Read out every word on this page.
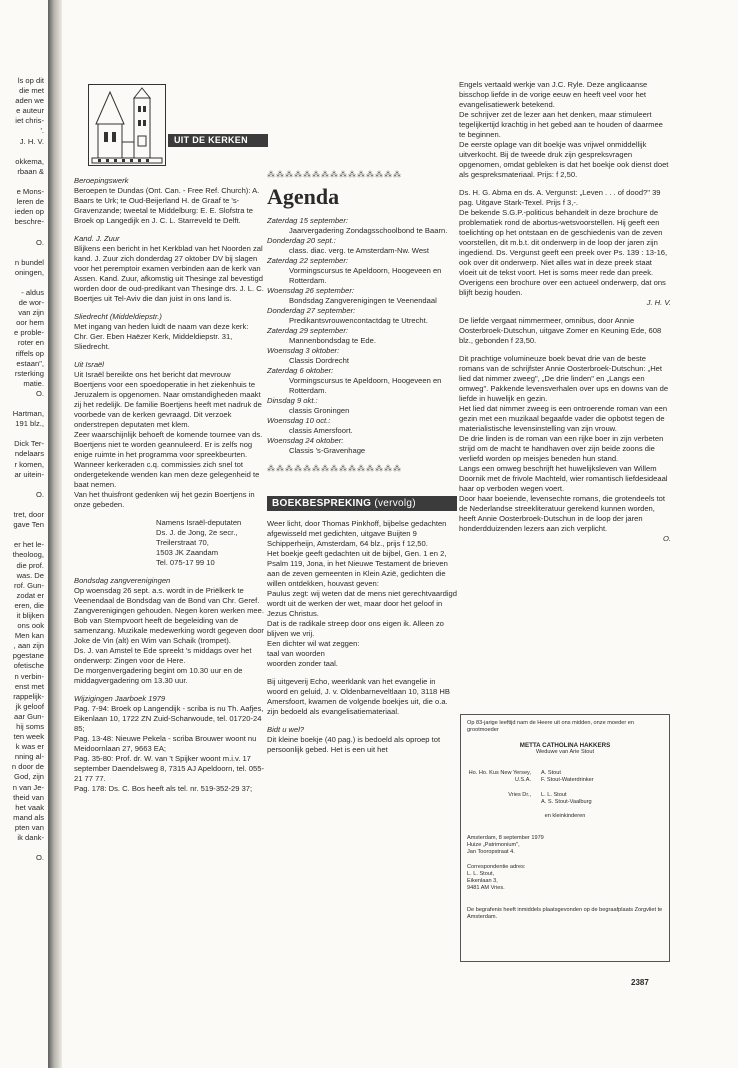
ls op dit
die met
aden we
e auteur
iet chris-
'.
J. H. V.
okkema,
rbaan &
e Mons-
leren de
ieden op
beschre-
O.
n bundel
oningen,
- aldus
de wor-
van zijn
oor hem
e proble-
roter en
riffels op
estaan",
rsterking
matie.
O.
Hartman,
191 blz.,
Dick Ter-
ndelaars
r komen,
ar uitein-
O.
tret, door
gave Ten
er het le-
theoloog,
die prof.
was. De
rof. Gun-
zodat er
eren, die
it blijken
ons ook
Men kan
, aan zijn
pgestane
ofetische
n verbin-
enst met
rappelijk-
jk geloof
aar Gun-
hij soms
ten week
k was er
nning al-
n door de
God, zijn
n van Je-
theid van
het vaak
mand als
pten van
ik dank-
O.
UIT DE KERKEN

Beroepingswerk

Beroepen te Dundas (Ont. Can. - Free Ref. Church): A. Baars te Urk; te Oud-Beijerland H. de Graaf te 's-Gravenzande; tweetal te Middelburg: E. E. Slofstra te Broek op Langedijk en J. C. L. Starreveld te Delft.

Kand. J. Zuur

Blijkens een bericht in het Kerkblad van het Noorden zal kand. J. Zuur zich donderdag 27 oktober DV bij slagen voor het peremptoir examen verbinden aan de kerk van Assen. Kand. Zuur, afkomstig uit Thesinge zal bevestigd worden door de oud-predikant van Thesinge drs. J. L. C. Boertjes uit Tel-Aviv die dan juist in ons land is.

Sliedrecht (Middeldiepstr.)

Met ingang van heden luidt de naam van deze kerk: Chr. Ger. Eben Haëzer Kerk, Middeldiepstr. 31, Sliedrecht.

Uit Israël

Uit Israël bereikte ons het bericht dat mevrouw Boertjens voor een spoedoperatie in het ziekenhuis te Jeruzalem is opgenomen. Naar omstandigheden maakt zij het redelijk. De familie Boertjens heeft met nadruk de voorbede van de kerken gevraagd. Dit verzoek onderstrepen deputaten met klem.

Zeer waarschijnlijk behoeft de komende tournee van ds. Boertjens niet te worden geannuleerd. Er is zelfs nog enige ruimte in het programma voor spreekbeurten. Wanneer kerkeraden c.q. commissies zich snel tot ondergetekende wenden kan men deze gelegenheid te baat nemen.

Van het thuisfront gedenken wij het gezin Boertjens in onze gebeden.

Namens Israël-deputaten

Ds. J. de Jong, 2e secr.,

Treilerstraat 70,

1503 JK Zaandam

Tel. 075-17 99 10

Bondsdag zangverenigingen

Op woensdag 26 sept. a.s. wordt in de Priëlkerk te Veenendaal de Bondsdag van de Bond van Chr. Geref. Zangverenigingen gehouden. Negen koren werken mee.

Bob van Stempvoort heeft de begeleiding van de samenzang. Muzikale medewerking wordt gegeven door Joke de Vin (alt) en Wim van Schaik (trompet).

Ds. J. van Amstel te Ede spreekt 's middags over het onderwerp: Zingen voor de Here.

De morgenvergadering begint om 10.30 uur en de middagvergadering om 13.30 uur.

Wijzigingen Jaarboek 1979

Pag. 7-94: Broek op Langendijk - scriba is nu Th. Aafjes, Eikenlaan 10, 1722 ZN Zuid-Scharwoude, tel. 01720-24 85;

Pag. 13-48: Nieuwe Pekela - scriba Brouwer woont nu Meidoornlaan 27, 9663 EA;

Pag. 35-80: Prof. dr. W. van 't Spijker woont m.i.v. 17 september Daendelsweg 8, 7315 AJ Apeldoorn, tel. 055-21 77 77.

Pag. 178: Ds. C. Bos heeft als tel. nr. 519-352-29 37;

⁂⁂⁂⁂⁂⁂⁂⁂⁂⁂⁂⁂⁂⁂⁂
Agenda
Zaterdag 15 september:
Jaarvergadering Zondagsschoolbond te Baarn.
Donderdag 20 sept.:
class. diac. verg. te Amsterdam-Nw. West
Zaterdag 22 september:
Vormingscursus te Apeldoorn, Hoogeveen en Rotterdam.
Woensdag 26 september:
Bondsdag Zangverenigingen te Veenendaal
Donderdag 27 september:
Predikantsvrouwencontactdag te Utrecht.
Zaterdag 29 september:
Mannenbondsdag te Ede.
Woensdag 3 oktober:
Classis Dordrecht
Zaterdag 6 oktober:
Vormingscursus te Apeldoorn, Hoogeveen en Rotterdam.
Dinsdag 9 okt.:
classis Groningen
Woensdag 10 oct.:
classis Amersfoort.
Woensdag 24 oktober:
Classis 's-Gravenhage
⁂⁂⁂⁂⁂⁂⁂⁂⁂⁂⁂⁂⁂⁂⁂
BOEKBESPREKING (vervolg)

Weer licht, door Thomas Pinkhoff, bijbelse gedachten afgewisseld met gedichten, uitgave Buijten 9 Schipperheijn, Amsterdam, 64 blz., prijs f 12,50.

Het boekje geeft gedachten uit de bijbel, Gen. 1 en 2, Psalm 119, Jona, in het Nieuwe Testament de brieven aan de zeven gemeenten in Klein Azië, gedichten die willen ontdekken, houvast geven:

Paulus zegt: wij weten dat de mens niet gerechtvaardigd wordt uit de werken der wet, maar door het geloof in Jezus Christus.

Dat is de radikale streep door ons eigen ik. Alleen zo blijven we vrij.

Een dichter wil wat zeggen:

taal van woorden

woorden zonder taal.

Bij uitgeverij Echo, weerklank van het evangelie in woord en geluid, J. v. Oldenbarneveltlaan 10, 3118 HB Amersfoort, kwamen de volgende boekjes uit, die o.a. zijn bedoeld als evangelisatiemateriaal.

Bidt u wel?

Dit kleine boekje (40 pag.) is bedoeld als oproep tot persoonlijk gebed. Het is een uit het

Engels vertaald werkje van J.C. Ryle. Deze anglicaanse bisschop liefde in de vorige eeuw en heeft veel voor het evangelisatiewerk betekend.

De schrijver zet de lezer aan het denken, maar stimuleert tegelijkertijd krachtig in het gebed aan te houden of daarmee te beginnen.

De eerste oplage van dit boekje was vrijwel onmiddellijk uitverkocht. Bij de tweede druk zijn gespreksvragen opgenomen, omdat gebleken is dat het boekje ook dienst doet als gespreksmateriaal. Prijs: f 2,50.

Ds. H. G. Abma en ds. A. Vergunst: „Leven . . . of dood?" 39 pag. Uitgave Stark-Texel. Prijs f 3,-.

De bekende S.G.P.-politicus behandelt in deze brochure de problematiek rond de abortus-wetsvoorstellen. Hij geeft een toelichting op het ontstaan en de geschiedenis van de zeven voorstellen, dit m.b.t. dit onderwerp in de loop der jaren zijn ingediend. Ds. Vergunst geeft een preek over Ps. 139 : 13-16, ook over dit onderwerp. Niet alles wat in deze preek staat vloeit uit de tekst voort. Het is soms meer rede dan preek. Overigens een brochure over een actueel onderwerp, dat ons blijft bezig houden.

J. H. V.

De liefde vergaat nimmermeer, omnibus, door Annie Oosterbroek-Dutschun, uitgave Zomer en Keuning Ede, 608 blz., gebonden f 23,50.

Dit prachtige volumineuze boek bevat drie van de beste romans van de schrijfster Annie Oosterbroek-Dutschun: „Het lied dat nimmer zweeg", „De drie linden" en „Langs een omweg". Pakkende levensverhalen over ups en downs van de liefde in huwelijk en gezin.

Het lied dat nimmer zweeg is een ontroerende roman van een gezin met een muzikaal begaafde vader die opbotst tegen de materialistische levensinstelling van zijn vrouw.

De drie linden is de roman van een rijke boer in zijn verbeten strijd om de macht te handhaven over zijn beide zoons die verliefd worden op meisjes beneden hun stand.

Langs een omweg beschrijft het huwelijksleven van Willem Doornik met de frivole Machteld, wier romantisch liefdesideaal haar op verboden wegen voert.

Door haar boeiende, levensechte romans, die grotendeels tot de Nederlandse streekliteratuur gerekend kunnen worden, heeft Annie Oosterbroek-Dutschun in de loop der jaren honderdduizenden lezers aan zich verplicht.

O.

Op 83-jarige leeftijd nam de Heere uit ons midden, onze moeder en grootmoeder

METTA CATHOLINA HAKKERS

Weduwe van Arie Stout

Ho. Ho. Kus New Yersey,	A. Stout
U.S.A.	F. Stout-Waterdrinker
Vries Dr.,	L. L. Stout
A. S. Stout-Vaalburg

en kleinkinderen

Amsterdam, 8 september 1979

Huize „Patrimonium",

Jan Tooropstraat 4.

Correspondentie adres:

L. L. Stout,

Eikenlaan 3,

9481 AM Vries.

De begrafenis heeft inmiddels plaatsgevonden op de begraafplaats Zorgvliet te Amsterdam.

2387
